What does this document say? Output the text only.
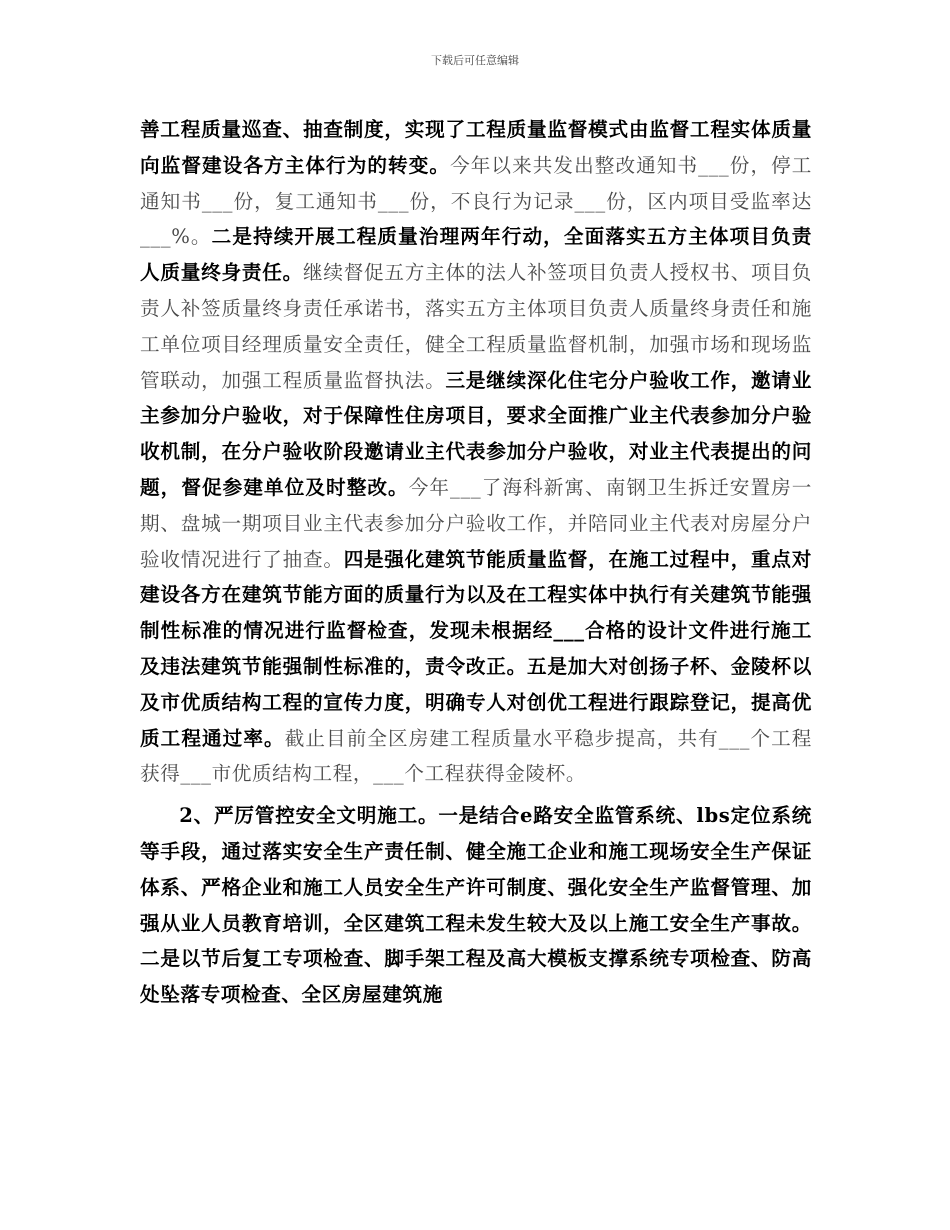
下载后可任意编辑

善工程质量巡查、抽查制度，实现了工程质量监督模式由监督工程实体质量向监督建设各方主体行为的转变。今年以来共发出整改通知书___份，停工通知书___份，复工通知书___份，不良行为记录___份，区内项目受监率达___%。二是持续开展工程质量治理两年行动，全面落实五方主体项目负责人质量终身责任。继续督促五方主体的法人补签项目负责人授权书、项目负责人补签质量终身责任承诺书，落实五方主体项目负责人质量终身责任和施工单位项目经理质量安全责任，健全工程质量监督机制，加强市场和现场监管联动，加强工程质量监督执法。三是继续深化住宅分户验收工作，邀请业主参加分户验收，对于保障性住房项目，要求全面推广业主代表参加分户验收机制，在分户验收阶段邀请业主代表参加分户验收，对业主代表提出的问题，督促参建单位及时整改。今年___了海科新寓、南钢卫生拆迁安置房一期、盘城一期项目业主代表参加分户验收工作，并陪同业主代表对房屋分户验收情况进行了抽查。四是强化建筑节能质量监督，在施工过程中，重点对建设各方在建筑节能方面的质量行为以及在工程实体中执行有关建筑节能强制性标准的情况进行监督检查，发现未根据经___合格的设计文件进行施工及违法建筑节能强制性标准的，责令改正。五是加大对创扬子杯、金陵杯以及市优质结构工程的宣传力度，明确专人对创优工程进行跟踪登记，提高优质工程通过率。截止目前全区房建工程质量水平稳步提高，共有___个工程获得___市优质结构工程，___个工程获得金陵杯。

2、严厉管控安全文明施工。一是结合e路安全监管系统、lbs定位系统等手段，通过落实安全生产责任制、健全施工企业和施工现场安全生产保证体系、严格企业和施工人员安全生产许可制度、强化安全生产监督管理、加强从业人员教育培训，全区建筑工程未发生较大及以上施工安全生产事故。二是以节后复工专项检查、脚手架工程及高大模板支撑系统专项检查、防高处坠落专项检查、全区房屋建筑施
